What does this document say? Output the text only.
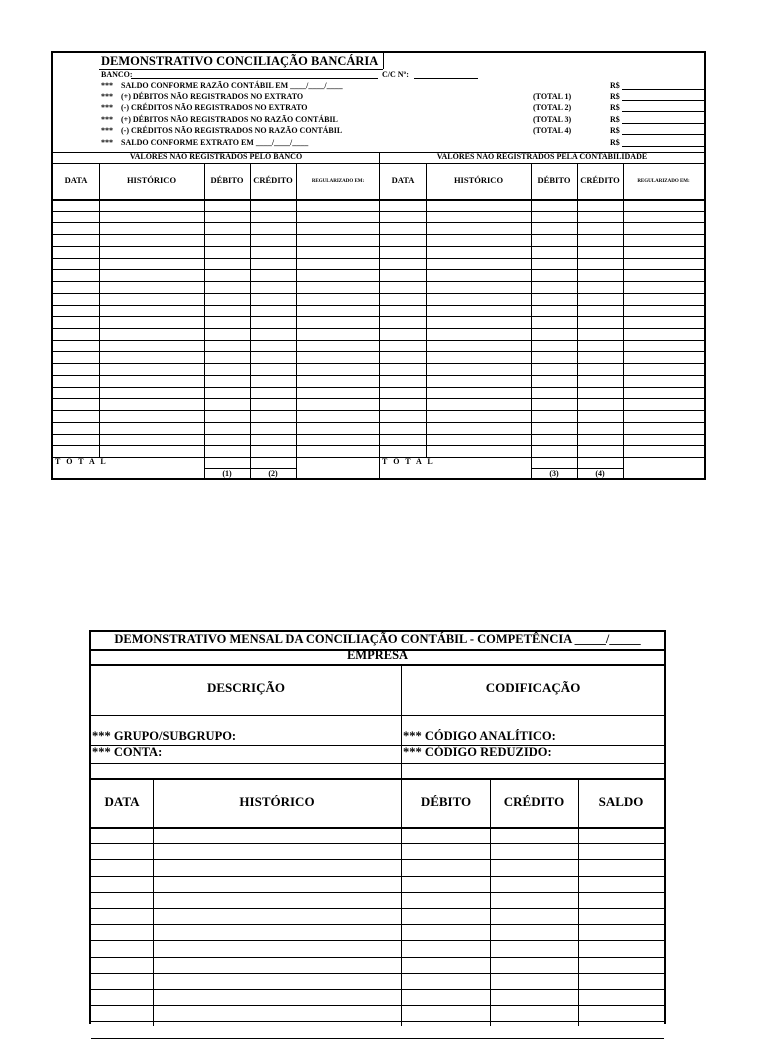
DEMONSTRATIVO CONCILIAÇÃO BANCÁRIA
BANCO:	C/C Nº:
*** SALDO CONFORME RAZÃO CONTÁBIL EM ____/____/____	R$
*** (+) DÉBITOS NÃO REGISTRADOS NO EXTRATO	(TOTAL 1)	R$
*** (-) CRÉDITOS NÃO REGISTRADOS NO EXTRATO	(TOTAL 2)	R$
*** (+) DÉBITOS NÃO REGISTRADOS NO RAZÃO CONTÁBIL	(TOTAL 3)	R$
*** (-) CRÉDITOS NÃO REGISTRADOS NO RAZÃO CONTÁBIL	(TOTAL 4)	R$
*** SALDO CONFORME EXTRATO EM ____/____/____	R$
VALORES NÃO REGISTRADOS PELO BANCO	VALORES NÃO REGISTRADOS PELA CONTABILIDADE
DATA	HISTÓRICO	DÉBITO	CRÉDITO	REGULARIZADO EM:	DATA	HISTÓRICO	DÉBITO	CRÉDITO	REGULARIZADO EM:
T O T A L	T O T A L
(1)	(2)	(3)	(4)
DEMONSTRATIVO MENSAL DA CONCILIAÇÃO CONTÁBIL - COMPETÊNCIA _____/_____
EMPRESA
DESCRIÇÃO	CODIFICAÇÃO
*** GRUPO/SUBGRUPO:	*** CÓDIGO ANALÍTICO:
*** CONTA:	*** CÓDIGO REDUZIDO:
DATA	HISTÓRICO	DÉBITO	CRÉDITO	SALDO
